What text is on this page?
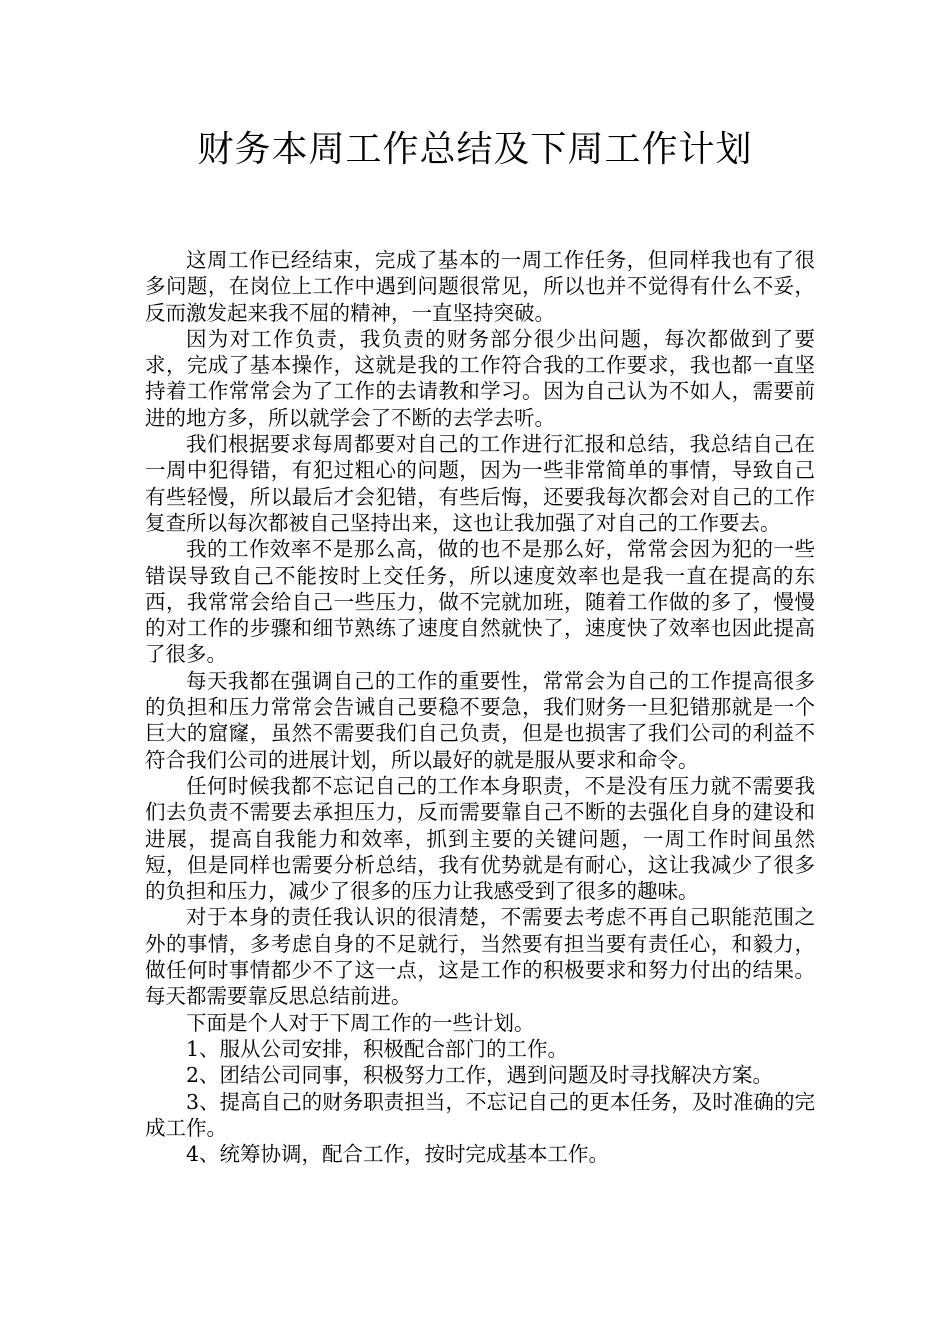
财务本周工作总结及下周工作计划

这周工作已经结束，完成了基本的一周工作任务，但同样我也有了很多问题，在岗位上工作中遇到问题很常见，所以也并不觉得有什么不妥，反而激发起来我不屈的精神，一直坚持突破。

因为对工作负责，我负责的财务部分很少出问题，每次都做到了要求，完成了基本操作，这就是我的工作符合我的工作要求，我也都一直坚持着工作常常会为了工作的去请教和学习。因为自己认为不如人，需要前进的地方多，所以就学会了不断的去学去听。

我们根据要求每周都要对自己的工作进行汇报和总结，我总结自己在一周中犯得错，有犯过粗心的问题，因为一些非常简单的事情，导致自己有些轻慢，所以最后才会犯错，有些后悔，还要我每次都会对自己的工作复查所以每次都被自己坚持出来，这也让我加强了对自己的工作要去。

我的工作效率不是那么高，做的也不是那么好，常常会因为犯的一些错误导致自己不能按时上交任务，所以速度效率也是我一直在提高的东西，我常常会给自己一些压力，做不完就加班，随着工作做的多了，慢慢的对工作的步骤和细节熟练了速度自然就快了，速度快了效率也因此提高了很多。

每天我都在强调自己的工作的重要性，常常会为自己的工作提高很多的负担和压力常常会告诫自己要稳不要急，我们财务一旦犯错那就是一个巨大的窟窿，虽然不需要我们自己负责，但是也损害了我们公司的利益不符合我们公司的进展计划，所以最好的就是服从要求和命令。

任何时候我都不忘记自己的工作本身职责，不是没有压力就不需要我们去负责不需要去承担压力，反而需要靠自己不断的去强化自身的建设和进展，提高自我能力和效率，抓到主要的关键问题，一周工作时间虽然短，但是同样也需要分析总结，我有优势就是有耐心，这让我减少了很多的负担和压力，减少了很多的压力让我感受到了很多的趣味。

对于本身的责任我认识的很清楚，不需要去考虑不再自己职能范围之外的事情，多考虑自身的不足就行，当然要有担当要有责任心，和毅力，做任何时事情都少不了这一点，这是工作的积极要求和努力付出的结果。每天都需要靠反思总结前进。

下面是个人对于下周工作的一些计划。

1、服从公司安排，积极配合部门的工作。

2、团结公司同事，积极努力工作，遇到问题及时寻找解决方案。

3、提高自己的财务职责担当，不忘记自己的更本任务，及时准确的完成工作。

4、统筹协调，配合工作，按时完成基本工作。
